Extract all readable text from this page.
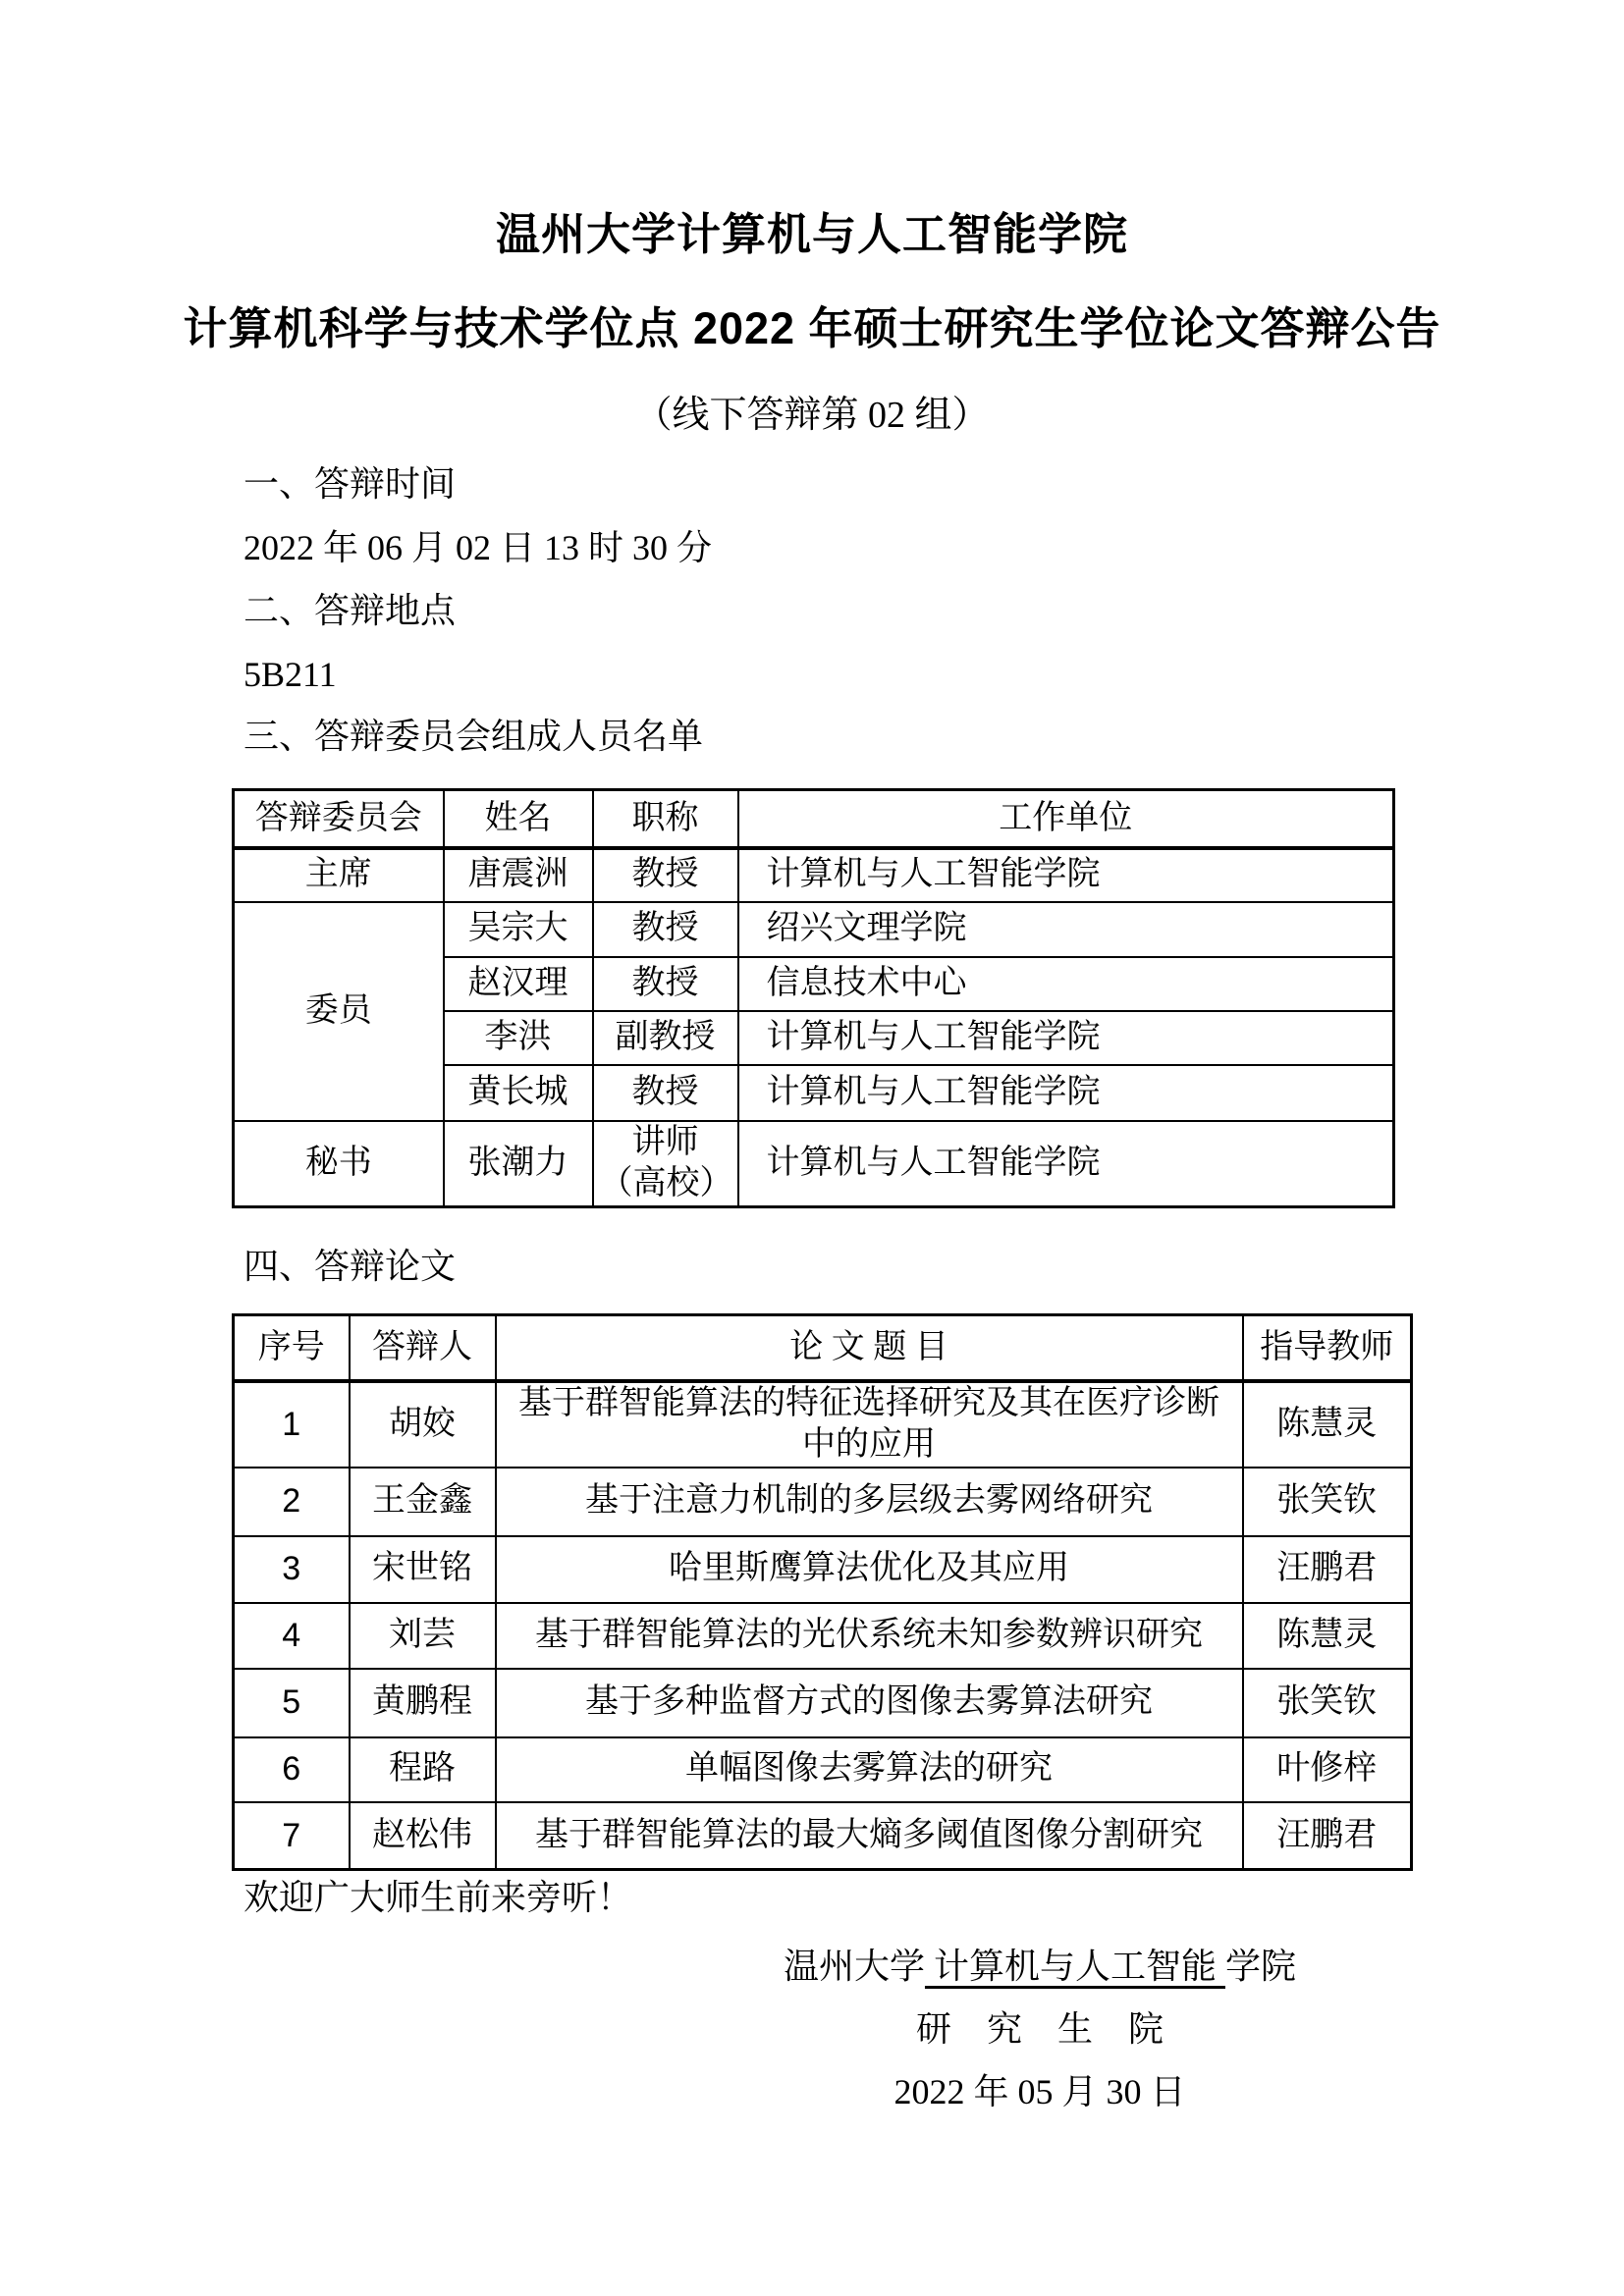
温州大学计算机与人工智能学院
计算机科学与技术学位点 2022 年硕士研究生学位论文答辩公告
（线下答辩第 02 组）
一、答辩时间
2022 年 06 月 02 日 13 时 30 分
二、答辩地点
5B211
三、答辩委员会组成人员名单
答辩委员会	姓名	职称	工作单位
主席	唐震洲	教授	计算机与人工智能学院
委员	吴宗大	教授	绍兴文理学院
	赵汉理	教授	信息技术中心
	李洪	副教授	计算机与人工智能学院
	黄长城	教授	计算机与人工智能学院
秘书	张潮力	讲师（高校）	计算机与人工智能学院
四、答辩论文
序号	答辩人	论 文 题 目	指导教师
1	胡姣	基于群智能算法的特征选择研究及其在医疗诊断中的应用	陈慧灵
2	王金鑫	基于注意力机制的多层级去雾网络研究	张笑钦
3	宋世铭	哈里斯鹰算法优化及其应用	汪鹏君
4	刘芸	基于群智能算法的光伏系统未知参数辨识研究	陈慧灵
5	黄鹏程	基于多种监督方式的图像去雾算法研究	张笑钦
6	程路	单幅图像去雾算法的研究	叶修梓
7	赵松伟	基于群智能算法的最大熵多阈值图像分割研究	汪鹏君
欢迎广大师生前来旁听！
温州大学 计算机与人工智能 学院
研　究　生　院
2022 年 05 月 30 日
